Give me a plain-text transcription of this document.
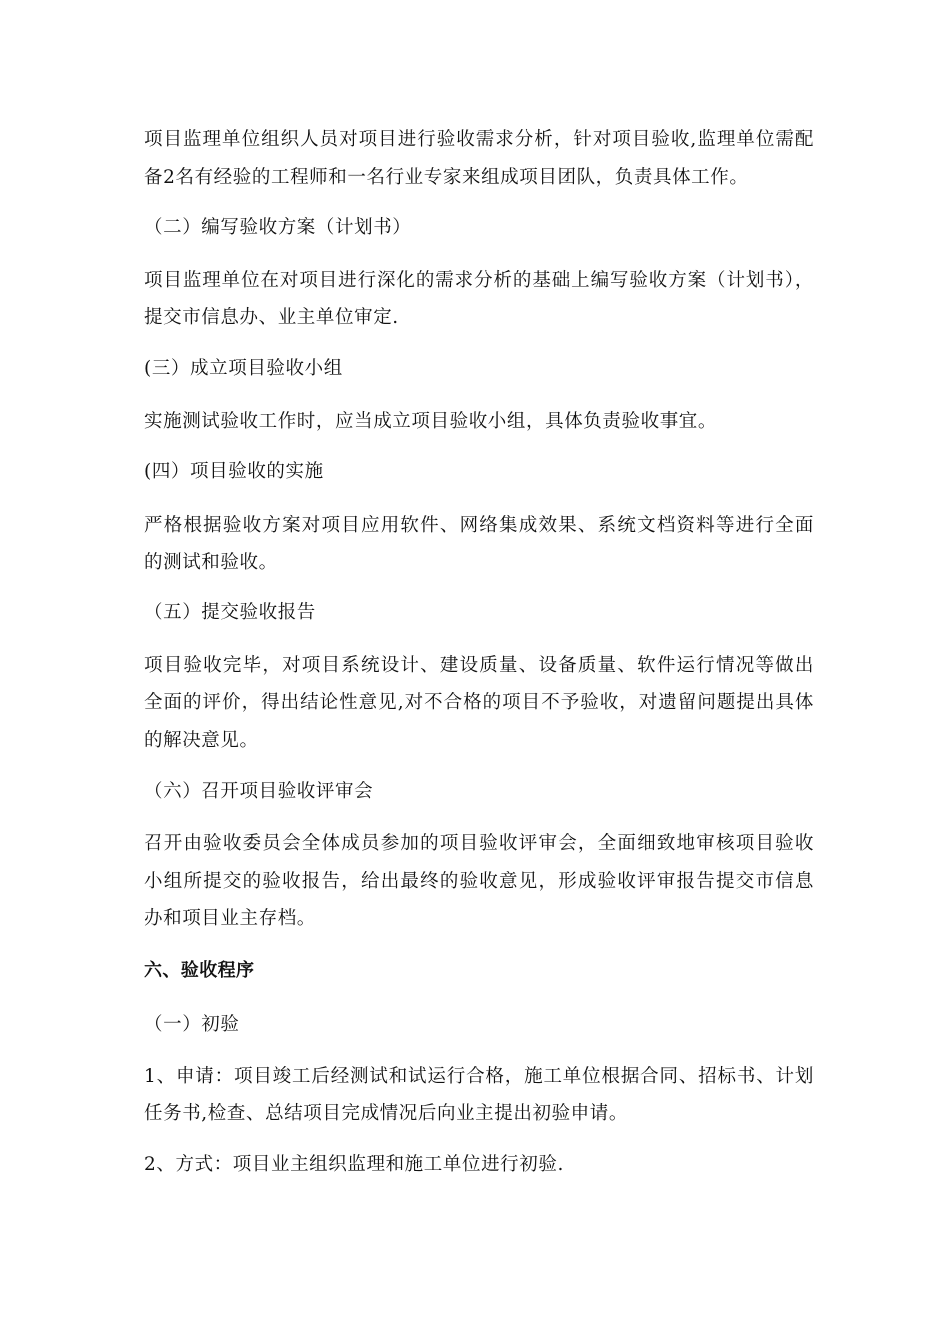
项目监理单位组织人员对项目进行验收需求分析，针对项目验收,监理单位需配
备2名有经验的工程师和一名行业专家来组成项目团队，负责具体工作。
（二）编写验收方案（计划书）
项目监理单位在对项目进行深化的需求分析的基础上编写验收方案（计划书），
提交市信息办、业主单位审定.
(三）成立项目验收小组
实施测试验收工作时，应当成立项目验收小组，具体负责验收事宜。
(四）项目验收的实施
严格根据验收方案对项目应用软件、网络集成效果、系统文档资料等进行全面
的测试和验收。
（五）提交验收报告
项目验收完毕，对项目系统设计、建设质量、设备质量、软件运行情况等做出
全面的评价，得出结论性意见,对不合格的项目不予验收，对遗留问题提出具体
的解决意见。
（六）召开项目验收评审会
召开由验收委员会全体成员参加的项目验收评审会，全面细致地审核项目验收
小组所提交的验收报告，给出最终的验收意见，形成验收评审报告提交市信息
办和项目业主存档。
六、验收程序
（一）初验
1、申请：项目竣工后经测试和试运行合格，施工单位根据合同、招标书、计划
任务书,检查、总结项目完成情况后向业主提出初验申请。
2、方式：项目业主组织监理和施工单位进行初验.
